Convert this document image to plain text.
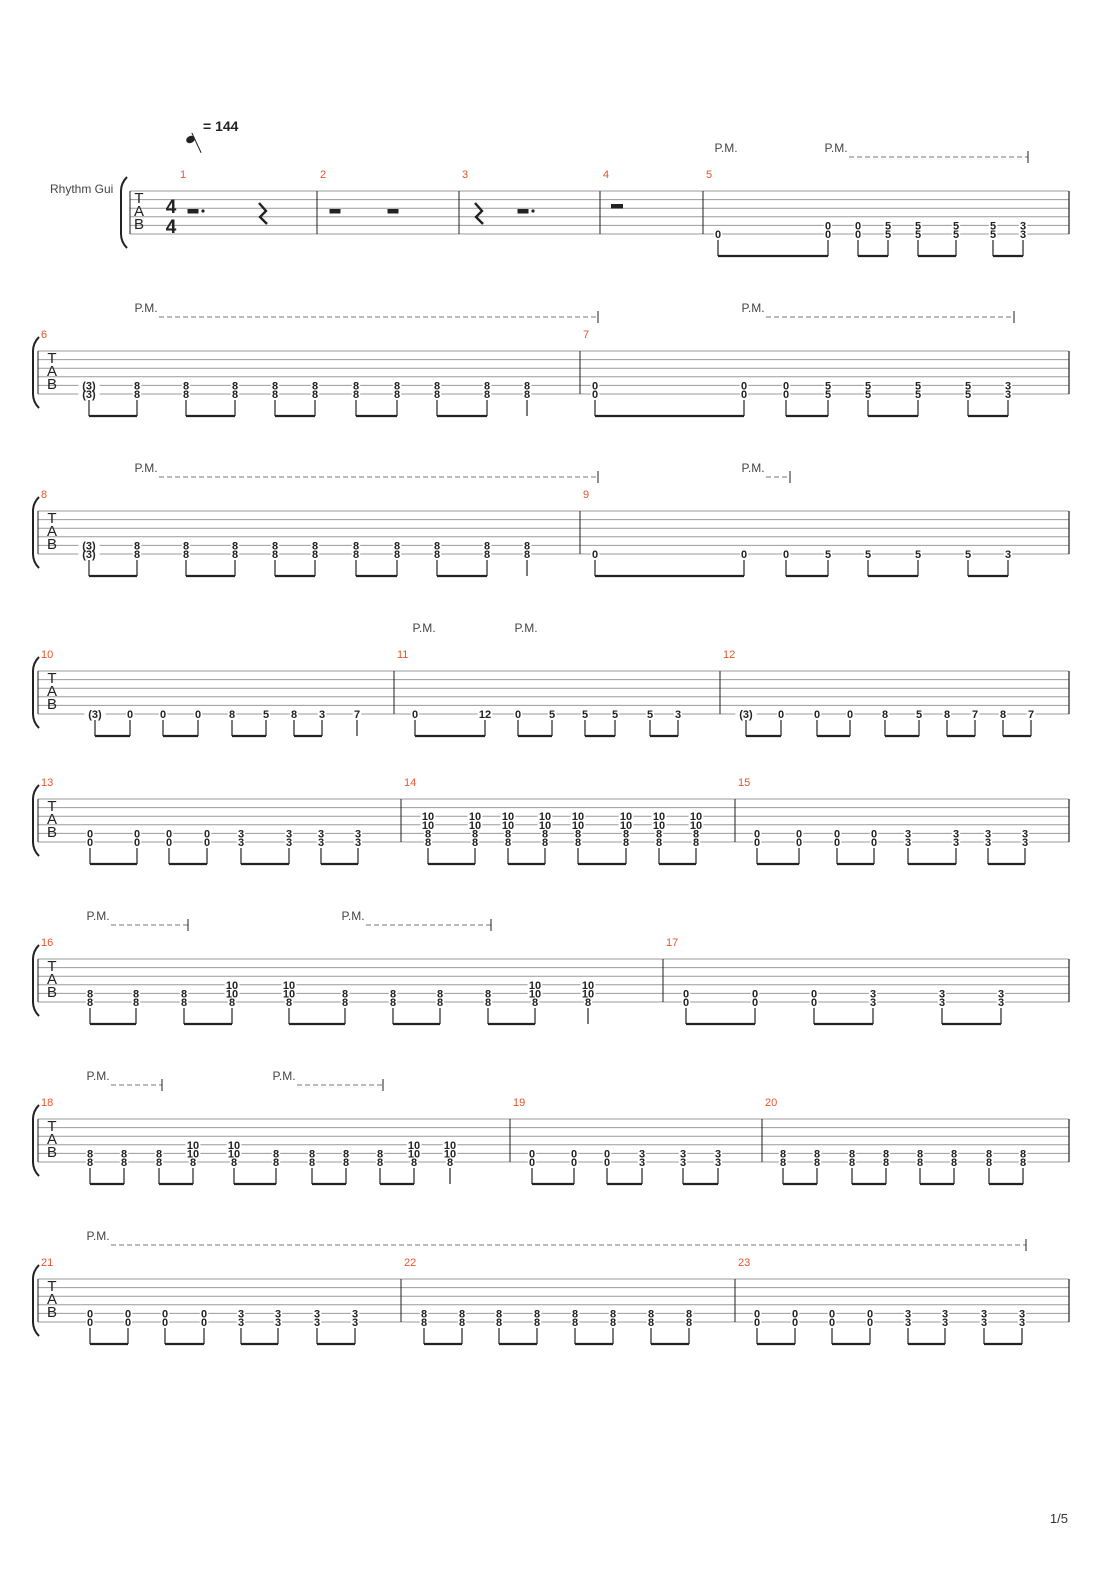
= 144
Rhythm Gui
1/5
T
A
B
4
4
P.M.	P.M.
1	2	3	4	5
0
0
0
0
0
5
5
5
5
5
5
5
5
3
3
T
A
B
P.M.	P.M.
6
(3)
(3)
8
8
8
8
8
8
8
8
8
8
8
8
8
8
8
8
8
8
8
8
7
0
0
0
0
0
0
5
5
5
5
5
5
5
5
3
3
T
A
B
P.M.	P.M.
8
(3)
(3)
8
8
8
8
8
8
8
8
8
8
8
8
8
8
8
8
8
8
8
8
9
0	0	0	5	5	5	5	3
T
A
B
P.M.	P.M.
10
(3) 0 0	0	8	5 8 3	7
11
0	12 0	5 5 5	5 3
12
(3) 0	0 0	8	5 8 7 8 7
T
A
B
13
0
0
0
0
0
0
0
0
3
3
3
3
3
3
3
3
14
10
10
8
8
10
10
8
8
10
10
8
8
10
10
8
8
10
10
8
8
10
10
8
8
10
10
8
8
10
10
8
8
15
0
0
0
0
0
0
0
0
3
3
3
3
3
3
3
3
T
A
B
P.M.	P.M.
16
8
8
8
8
8
8
10
10
8
10
10
8
8
8
8
8
8
8
8
8
10
10
8
10
10
8
17
0
0
0
0
0
0
3
3
3
3
3
3
T
A
B
P.M.	P.M.
18
8
8
8
8
8
8
10
10
8
10
10
8
8
8
8
8
8
8
8
8
10
10
8
10
10
8
19
0
0
0
0
0
0
3
3
3
3
3
3
20
8
8
8
8
8
8
8
8
8
8
8
8
8
8
8
8
T
A
B
P.M.
21
0
0
0
0
0
0
0
0
3
3
3
3
3
3
3
3
22
8
8
8
8
8
8
8
8
8
8
8
8
8
8
8
8
23
0
0
0
0
0
0
0
0
3
3
3
3
3
3
3
3
